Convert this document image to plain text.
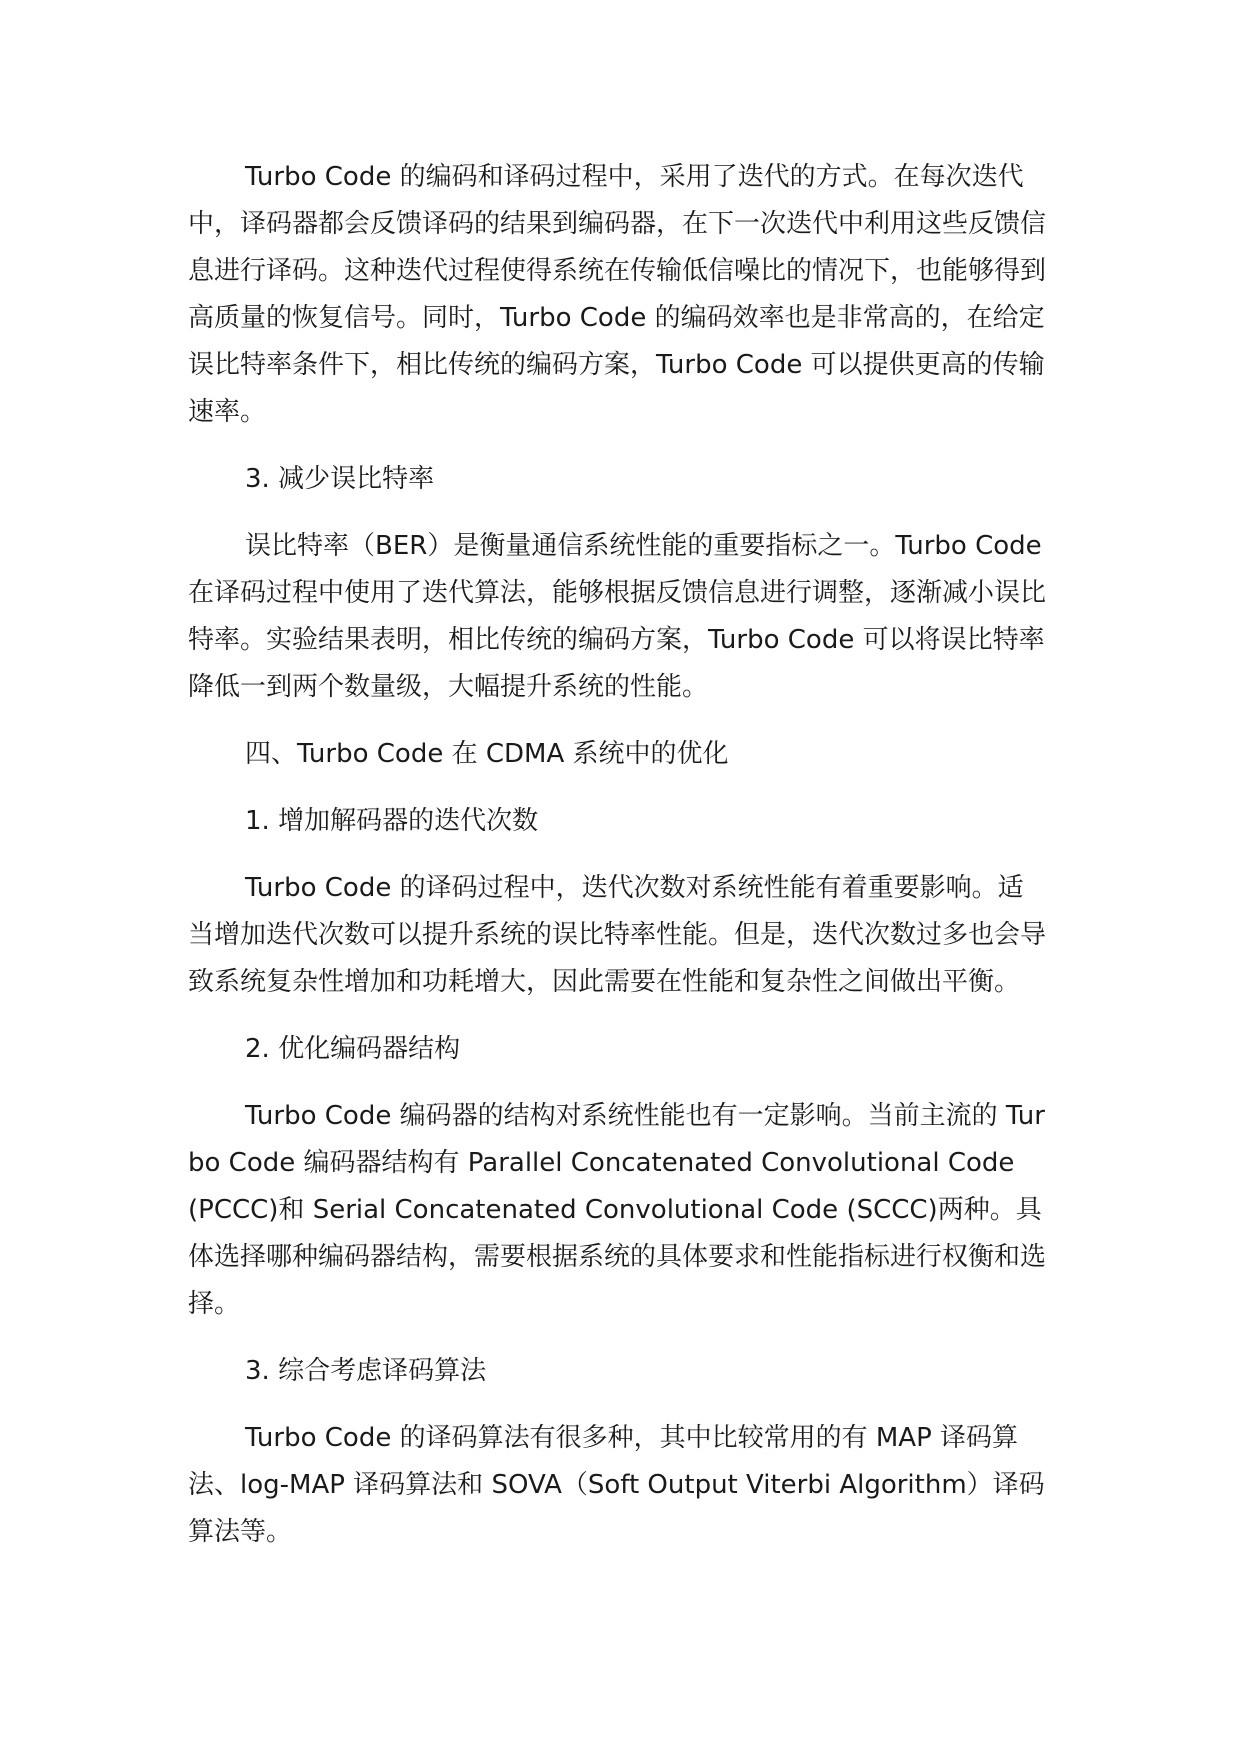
Turbo Code 的编码和译码过程中，采用了迭代的方式。在每次迭代中，译码器都会反馈译码的结果到编码器，在下一次迭代中利用这些反馈信息进行译码。这种迭代过程使得系统在传输低信噪比的情况下，也能够得到高质量的恢复信号。同时，Turbo Code 的编码效率也是非常高的，在给定误比特率条件下，相比传统的编码方案，Turbo Code 可以提供更高的传输速率。

3. 减少误比特率

误比特率（BER）是衡量通信系统性能的重要指标之一。Turbo Code 在译码过程中使用了迭代算法，能够根据反馈信息进行调整，逐渐减小误比特率。实验结果表明，相比传统的编码方案，Turbo Code 可以将误比特率降低一到两个数量级，大幅提升系统的性能。

四、Turbo Code 在 CDMA 系统中的优化

1. 增加解码器的迭代次数

Turbo Code 的译码过程中，迭代次数对系统性能有着重要影响。适当增加迭代次数可以提升系统的误比特率性能。但是，迭代次数过多也会导致系统复杂性增加和功耗增大，因此需要在性能和复杂性之间做出平衡。

2. 优化编码器结构

Turbo Code 编码器的结构对系统性能也有一定影响。当前主流的 Turbo Code 编码器结构有 Parallel Concatenated Convolutional Code (PCCC)和 Serial Concatenated Convolutional Code (SCCC)两种。具体选择哪种编码器结构，需要根据系统的具体要求和性能指标进行权衡和选择。

3. 综合考虑译码算法

Turbo Code 的译码算法有很多种，其中比较常用的有 MAP 译码算法、log-MAP 译码算法和 SOVA（Soft Output Viterbi Algorithm）译码算法等。
